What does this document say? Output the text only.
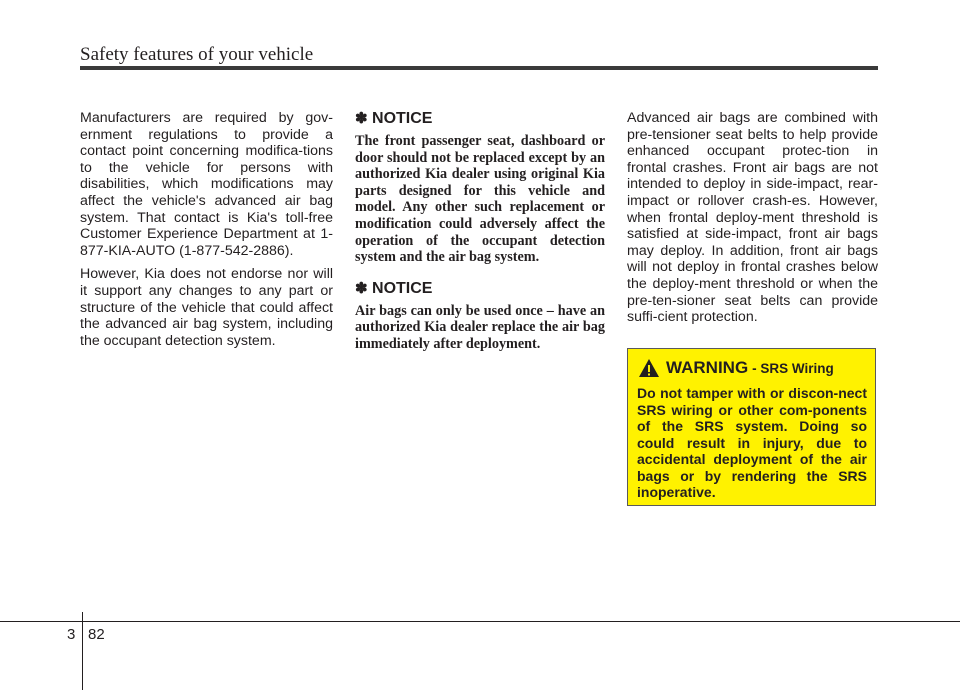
Safety features of your vehicle

Manufacturers are required by gov-ernment regulations to provide a contact point concerning modifica-tions to the vehicle for persons with disabilities, which modifications may affect the vehicle's advanced air bag system. That contact is Kia's toll-free Customer Experience Department at 1-877-KIA-AUTO (1-877-542-2886).

However, Kia does not endorse nor will it support any changes to any part or structure of the vehicle that could affect the advanced air bag system, including the occupant detection system.

✽ NOTICE

The front passenger seat, dashboard or door should not be replaced except by an authorized Kia dealer using original Kia parts designed for this vehicle and model. Any other such replacement or modification could adversely affect the operation of the occupant detection system and the air bag system.

✽ NOTICE

Air bags can only be used once – have an authorized Kia dealer replace the air bag immediately after deployment.

Advanced air bags are combined with pre-tensioner seat belts to help provide enhanced occupant protec-tion in frontal crashes. Front air bags are not intended to deploy in side-impact, rear-impact or rollover crash-es. However, when frontal deploy-ment threshold is satisfied at side-impact, front air bags may deploy. In addition, front air bags will not deploy in frontal crashes below the deploy-ment threshold or when the pre-ten-sioner seat belts can provide suffi-cient protection.

WARNING - SRS Wiring

Do not tamper with or discon-nect SRS wiring or other com-ponents of the SRS system. Doing so could result in injury, due to accidental deployment of the air bags or by rendering the SRS inoperative.

3 82
